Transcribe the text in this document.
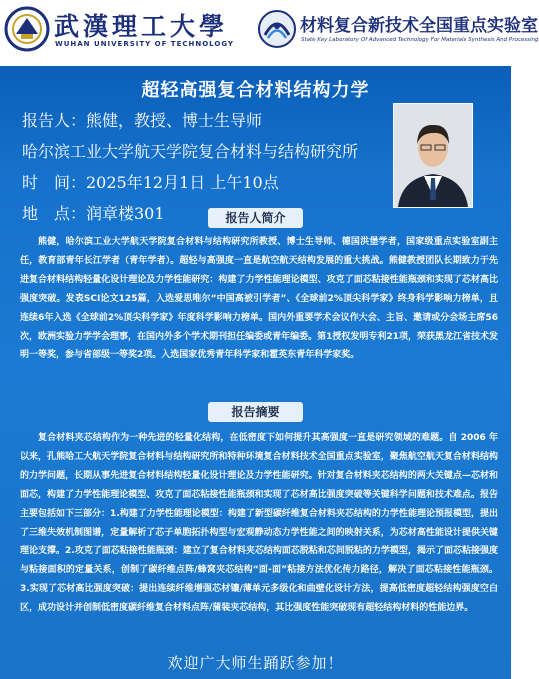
武漢理工大學
WUHAN UNIVERSITY OF TECHNOLOGY
材料复合新技术全国重点实验室
State Key Laboratory Of Advanced Technology For Materials Synthesis And Processing
超轻高强复合材料结构力学
报告人：熊健，教授、博士生导师
哈尔滨工业大学航天学院复合材料与结构研究所
时　间：2025年12月1日 上午10点
地　点：润章楼301	报告人简介
熊健，哈尔滨工业大学航天学院复合材料与结构研究所教授、博士生导师、德国洪堡学者，国家级重点实验室副主任，教育部青年长江学者（青年学者）。超轻与高强度一直是航空航天结构发展的重大挑战。熊健教授团队长期致力于先进复合材料结构轻量化设计理论及力学性能研究：构建了力学性能理论模型、攻克了面芯粘接性能瓶颈和实现了芯材高比强度突破。发表SCI论文125篇，入选爱思唯尔“中国高被引学者”、《全球前2%顶尖科学家》终身科学影响力榜单，且连续6年入选《全球前2%顶尖科学家》年度科学影响力榜单。国内外重要学术会议作大会、主旨、邀请或分会场主席56次，欧洲实验力学学会理事，在国内外多个学术期刊担任编委或青年编委。第1授权发明专利21项，荣获黑龙江省技术发明一等奖，参与省部级一等奖2项。入选国家优秀青年科学家和霍英东青年科学家奖。
报告摘要
复合材料夹芯结构作为一种先进的轻量化结构，在低密度下如何提升其高强度一直是研究领域的难题。自 2006 年以来，孔熊哈工大航天学院复合材料与结构研究所和特种环境复合材料技术全国重点实验室，聚焦航空航天复合材料结构的力学问题，长期从事先进复合材料结构轻量化设计理论及力学性能研究。针对复合材料夹芯结构的两大关键点—芯材和面芯，构建了力学性能理论模型、攻克了面芯粘接性能瓶颈和实现了芯材高比强度突破等关键科学问题和技术难点。报告主要包括如下三部分：1.构建了力学性能理论模型：构建了新型碳纤维复合材料夹芯结构的力学性能理论预报模型，提出了三维失效机制图谱，定量解析了芯子单胞拓扑构型与宏观静动态力学性能之间的映射关系，为芯材高性能设计提供关键理论支撑。2.攻克了面芯粘接性能瓶颈：建立了复合材料夹芯结构面芯脱粘和芯间脱粘的力学模型，揭示了面芯粘接强度与粘接面积的定量关系，创制了碳纤维点阵/蜂窝夹芯结构“面-面”粘接方法优化传力路径，解决了面芯粘接性能瓶颈。3.实现了芯材高比强度突破：提出连续纤维增强芯材镶/薄单元多级化和曲壁化设计方法，提高低密度超轻结构强度空白区，成功设计并创制低密度碳纤维复合材料点阵/蒲装夹芯结构，其比强度性能突破现有超轻结构材料的性能边界。
欢迎广大师生踊跃参加！
